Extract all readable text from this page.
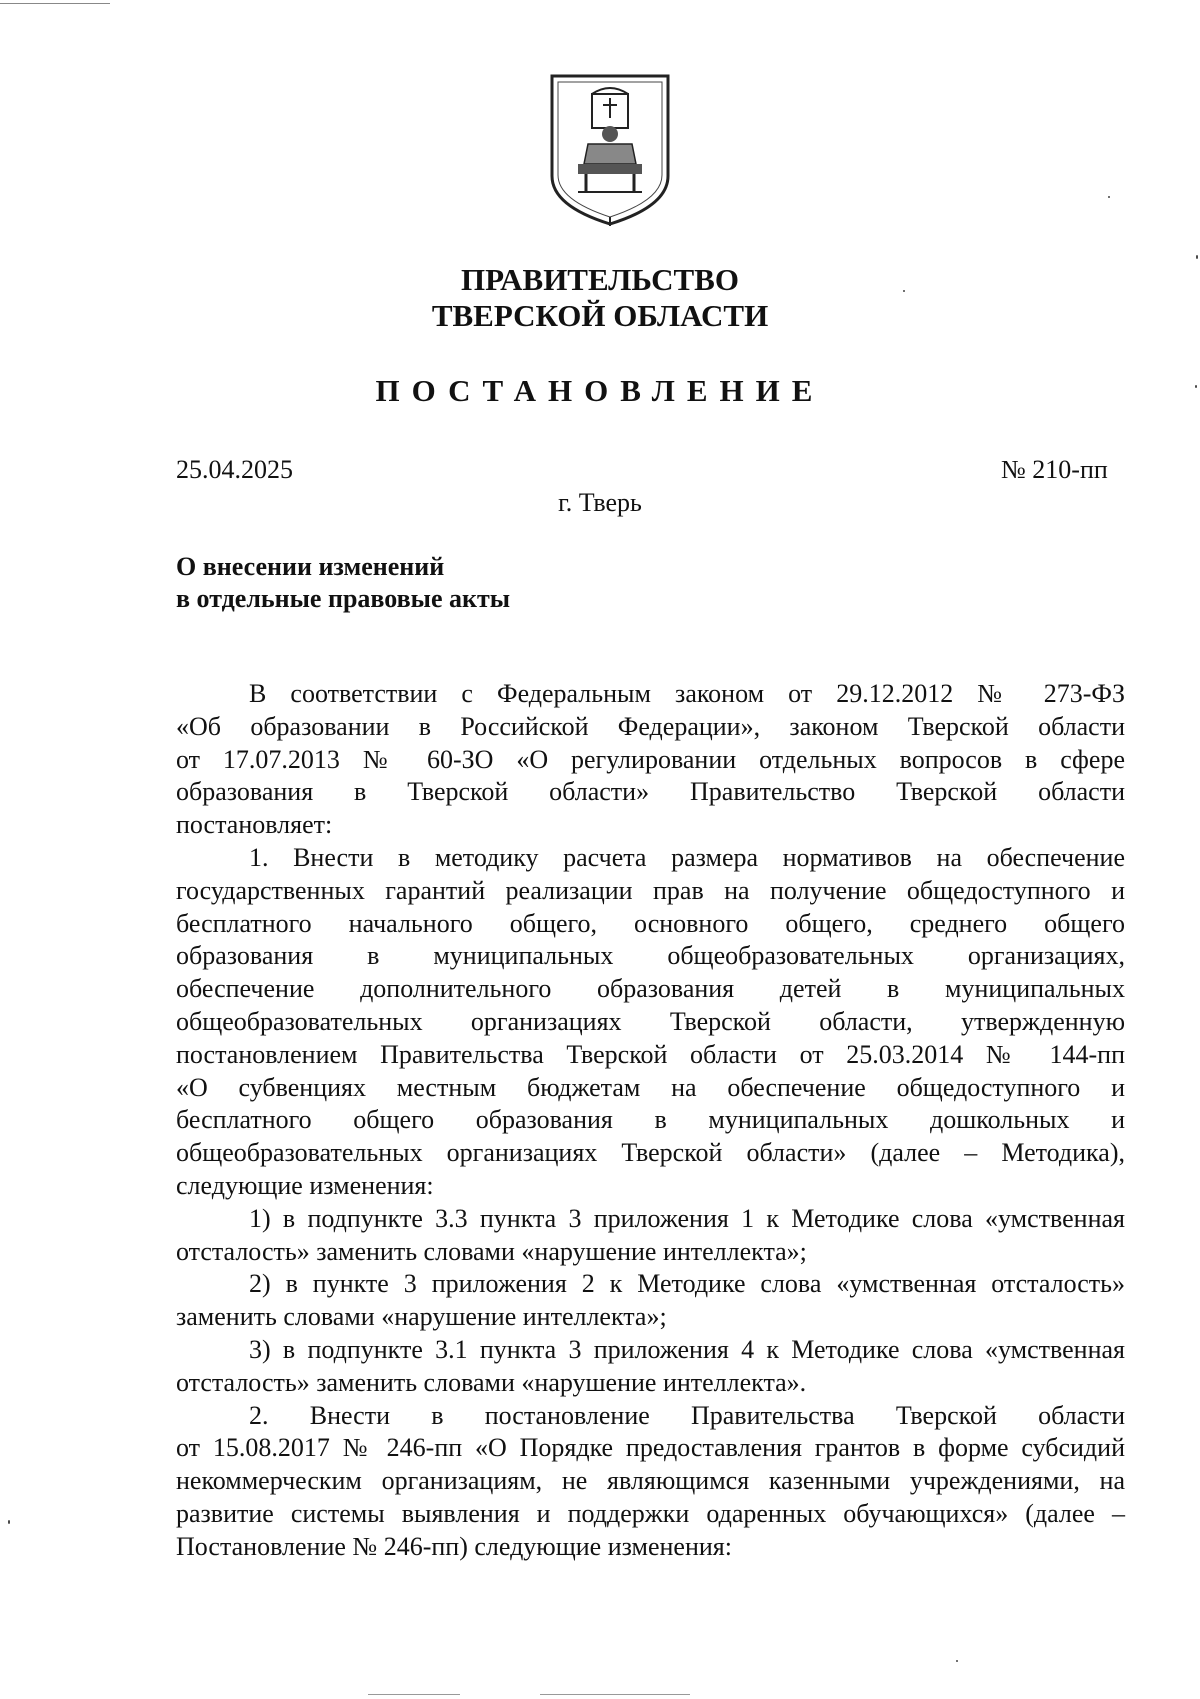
ПРАВИТЕЛЬСТВО
ТВЕРСКОЙ ОБЛАСТИ
ПОСТАНОВЛЕНИЕ
25.04.2025	№ 210-пп
г. Тверь
О внесении изменений
в отдельные правовые акты

В соответствии с Федеральным законом от 29.12.2012 № 273-ФЗ
«Об образовании в Российской Федерации», законом Тверской области
от 17.07.2013 № 60-ЗО «О регулировании отдельных вопросов в сфере
образования в Тверской области» Правительство Тверской области
постановляет:

1. Внести в методику расчета размера нормативов на обеспечение
государственных гарантий реализации прав на получение общедоступного и
бесплатного начального общего, основного общего, среднего общего
образования в муниципальных общеобразовательных организациях,
обеспечение дополнительного образования детей в муниципальных
общеобразовательных организациях Тверской области, утвержденную
постановлением Правительства Тверской области от 25.03.2014 № 144-пп
«О субвенциях местным бюджетам на обеспечение общедоступного и
бесплатного общего образования в муниципальных дошкольных и
общеобразовательных организациях Тверской области» (далее – Методика),
следующие изменения:

1) в подпункте 3.3 пункта 3 приложения 1 к Методике слова «умственная
отсталость» заменить словами «нарушение интеллекта»;

2) в пункте 3 приложения 2 к Методике слова «умственная отсталость»
заменить словами «нарушение интеллекта»;

3) в подпункте 3.1 пункта 3 приложения 4 к Методике слова «умственная
отсталость» заменить словами «нарушение интеллекта».

2. Внести в постановление Правительства Тверской области
от 15.08.2017 № 246-пп «О Порядке предоставления грантов в форме субсидий
некоммерческим организациям, не являющимся казенными учреждениями, на
развитие системы выявления и поддержки одаренных обучающихся» (далее –
Постановление № 246-пп) следующие изменения:
